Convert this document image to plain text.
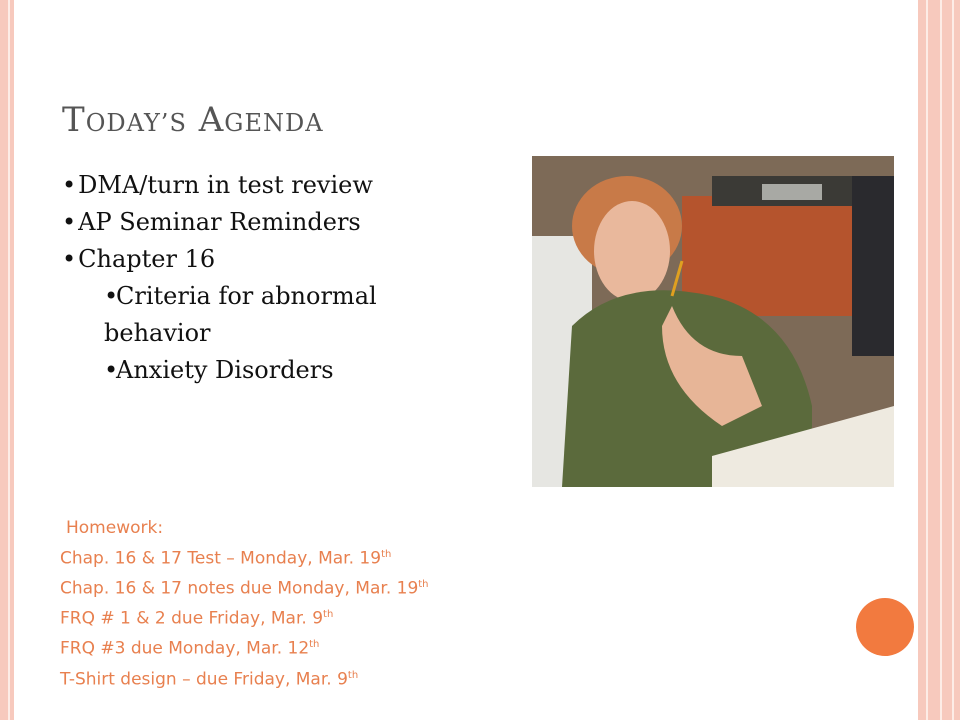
TODAY’S AGENDA
• DMA/turn in test review
• AP Seminar Reminders
• Chapter 16
•
Criteria for abnormal
behavior
•
Anxiety Disorders
Homework:
Chap. 16 & 17 Test – Monday, Mar. 19th
Chap. 16 & 17 notes due Monday, Mar. 19th
FRQ # 1 & 2 due Friday, Mar. 9th
FRQ #3 due Monday, Mar. 12th
T-Shirt design – due Friday, Mar. 9th
